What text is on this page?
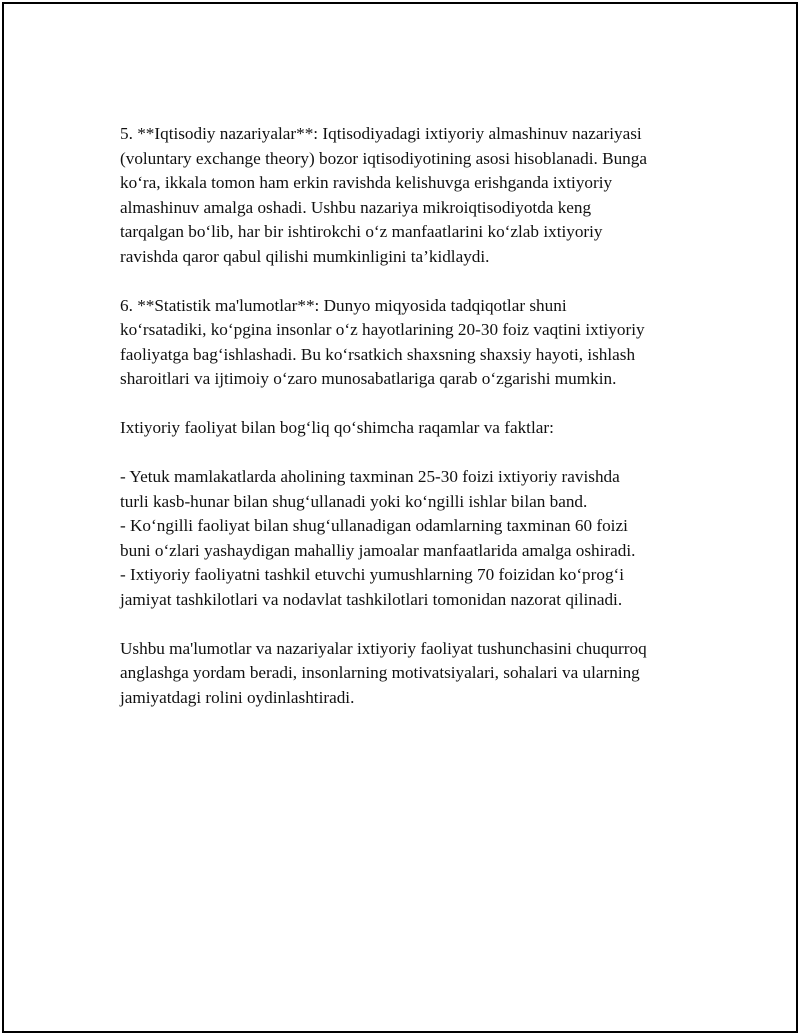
5. **Iqtisodiy nazariyalar**: Iqtisodiyadagi ixtiyoriy almashinuv nazariyasi
(voluntary exchange theory) bozor iqtisodiyotining asosi hisoblanadi. Bunga
ko‘ra, ikkala tomon ham erkin ravishda kelishuvga erishganda ixtiyoriy
almashinuv amalga oshadi. Ushbu nazariya mikroiqtisodiyotda keng
tarqalgan bo‘lib, har bir ishtirokchi o‘z manfaatlarini ko‘zlab ixtiyoriy
ravishda qaror qabul qilishi mumkinligini ta’kidlaydi.
6. **Statistik ma'lumotlar**: Dunyo miqyosida tadqiqotlar shuni
ko‘rsatadiki, ko‘pgina insonlar o‘z hayotlarining 20-30 foiz vaqtini ixtiyoriy
faoliyatga bag‘ishlashadi. Bu ko‘rsatkich shaxsning shaxsiy hayoti, ishlash
sharoitlari va ijtimoiy o‘zaro munosabatlariga qarab o‘zgarishi mumkin.
Ixtiyoriy faoliyat bilan bog‘liq qo‘shimcha raqamlar va faktlar:
- Yetuk mamlakatlarda aholining taxminan 25-30 foizi ixtiyoriy ravishda
turli kasb-hunar bilan shug‘ullanadi yoki ko‘ngilli ishlar bilan band.
- Ko‘ngilli faoliyat bilan shug‘ullanadigan odamlarning taxminan 60 foizi
buni o‘zlari yashaydigan mahalliy jamoalar manfaatlarida amalga oshiradi.
- Ixtiyoriy faoliyatni tashkil etuvchi yumushlarning 70 foizidan ko‘prog‘i
jamiyat tashkilotlari va nodavlat tashkilotlari tomonidan nazorat qilinadi.
Ushbu ma'lumotlar va nazariyalar ixtiyoriy faoliyat tushunchasini chuqurroq
anglashga yordam beradi, insonlarning motivatsiyalari, sohalari va ularning
jamiyatdagi rolini oydinlashtiradi.
